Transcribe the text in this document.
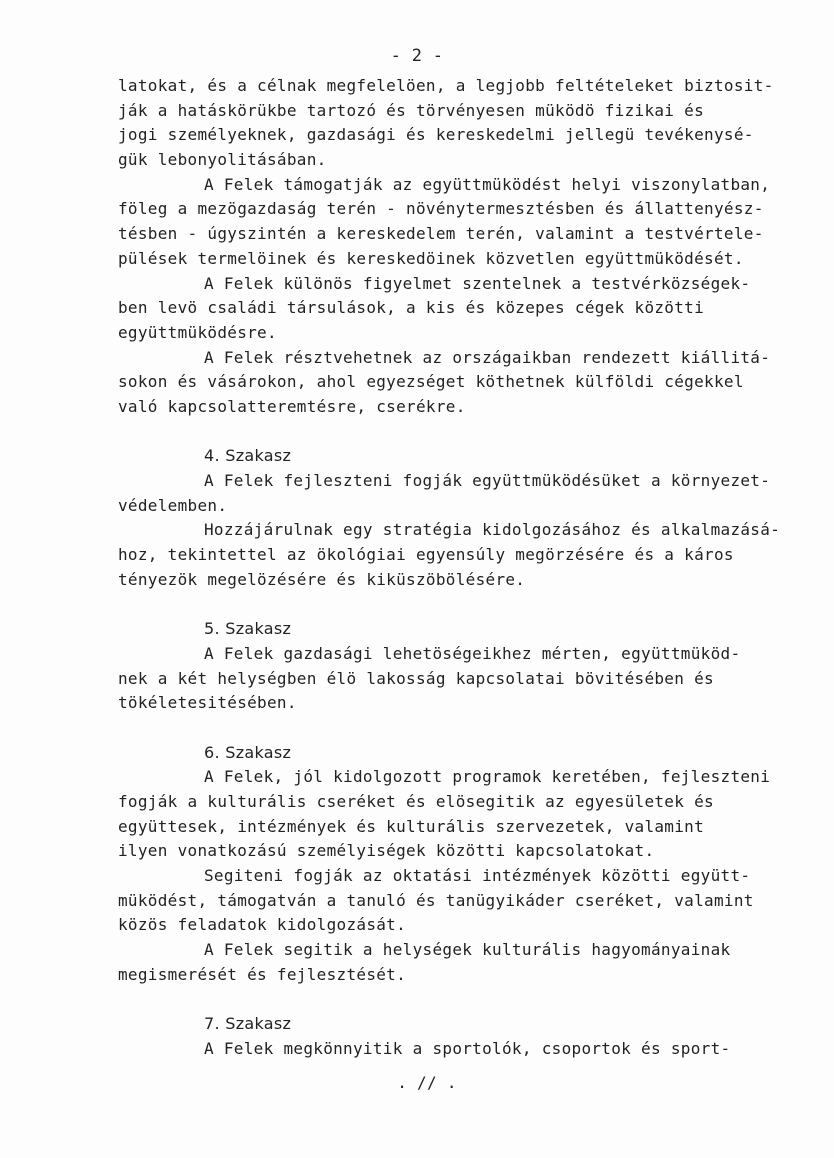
- 2 -
latokat, és a célnak megfelelöen, a legjobb feltételeket biztosit-
ják a hatáskörükbe tartozó és törvényesen müködö fizikai és
jogi személyeknek, gazdasági és kereskedelmi jellegü tevékenysé-
gük lebonyolitásában.
A Felek támogatják az együttmüködést helyi viszonylatban,
föleg a mezögazdaság terén - növénytermesztésben és állattenyész-
tésben - úgyszintén a kereskedelem terén, valamint a testvértele-
pülések termelöinek és kereskedöinek közvetlen együttmüködését.
A Felek különös figyelmet szentelnek a testvérközségek-
ben levö családi társulások, a kis és közepes cégek közötti
együttmüködésre.
A Felek résztvehetnek az országaikban rendezett kiállitá-
sokon és vásárokon, ahol egyezséget köthetnek külföldi cégekkel
való kapcsolatteremtésre, cserékre.
4. Szakasz
A Felek fejleszteni fogják együttmüködésüket a környezet-
védelemben.
Hozzájárulnak egy stratégia kidolgozásához és alkalmazásá-
hoz, tekintettel az ökológiai egyensúly megörzésére és a káros
tényezök megelözésére és kiküszöbölésére.
5. Szakasz
A Felek gazdasági lehetöségeikhez mérten, együttmüköd-
nek a két helységben élö lakosság kapcsolatai bövitésében és
tökéletesitésében.
6. Szakasz
A Felek, jól kidolgozott programok keretében, fejleszteni
fogják a kulturális cseréket és elösegitik az egyesületek és
együttesek, intézmények és kulturális szervezetek, valamint
ilyen vonatkozású személyiségek közötti kapcsolatokat.
Segiteni fogják az oktatási intézmények közötti együtt-
müködést, támogatván a tanuló és tanügyikáder cseréket, valamint
közös feladatok kidolgozását.
A Felek segitik a helységek kulturális hagyományainak
megismerését és fejlesztését.
7. Szakasz
A Felek megkönnyitik a sportolók, csoportok és sport-
. // .
